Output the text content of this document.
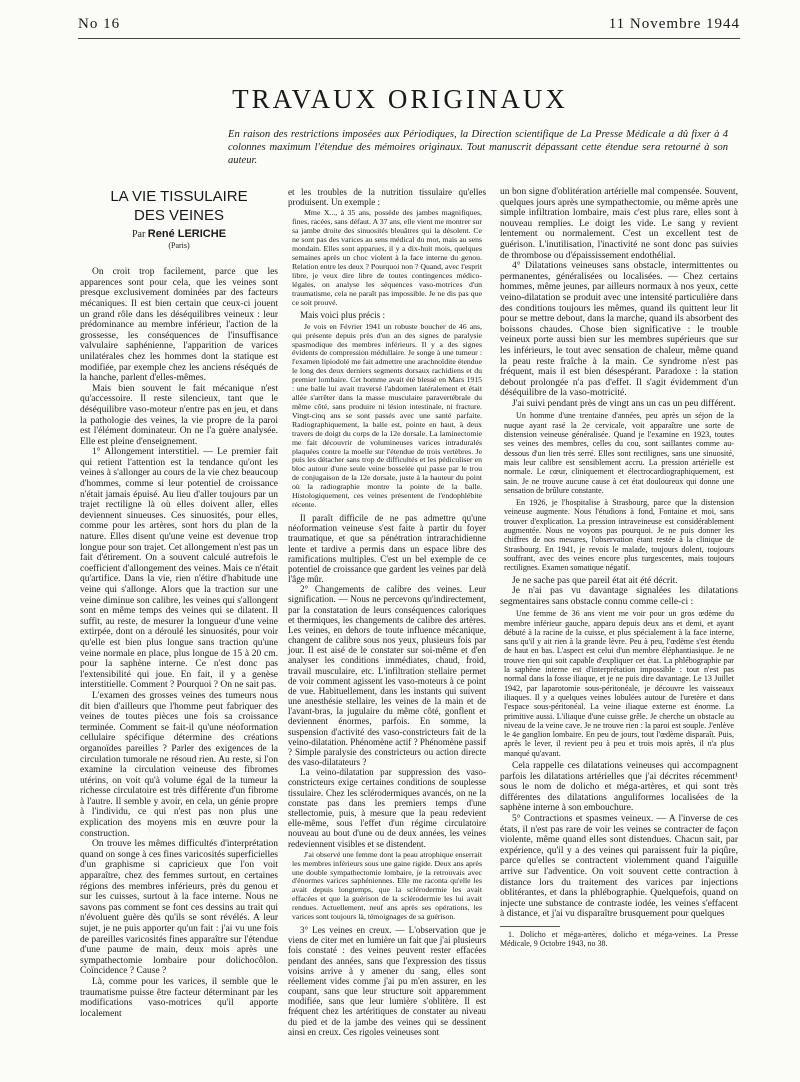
No 16	11 Novembre 1944
TRAVAUX ORIGINAUX
En raison des restrictions imposées aux Périodiques, la Direction scientifique de La Presse Médicale a dû fixer à 4 colonnes maximum l'étendue des mémoires originaux. Tout manuscrit dépassant cette étendue sera retourné à son auteur.
LA VIE TISSULAIRE
DES VEINES
Par René LERICHE
(Paris)

On croit trop facilement, parce que les apparences sont pour cela, que les veines sont presque exclusivement dominées par des facteurs mécaniques. Il est bien certain que ceux-ci jouent un grand rôle dans les déséquilibres veineux : leur prédominance au membre inférieur, l'action de la grossesse, les conséquences de l'insuffisance valvulaire saphénienne, l'apparition de varices unilatérales chez les hommes dont la statique est modifiée, par exemple chez les anciens réséqués de la hanche, parlent d'elles-mêmes.

Mais bien souvent le fait mécanique n'est qu'accessoire. Il reste silencieux, tant que le déséquilibre vaso-moteur n'entre pas en jeu, et dans la pathologie des veines, la vie propre de la paroi est l'élément dominateur. On ne l'a guère analysée. Elle est pleine d'enseignement.

1° Allongement interstitiel. — Le premier fait qui retient l'attention est la tendance qu'ont les veines à s'allonger au cours de la vie chez beaucoup d'hommes, comme si leur potentiel de croissance n'était jamais épuisé. Au lieu d'aller toujours par un trajet rectiligne là où elles doivent aller, elles deviennent sinueuses. Ces sinuosités, pour elles, comme pour les artères, sont hors du plan de la nature. Elles disent qu'une veine est devenue trop longue pour son trajet. Cet allongement n'est pas un fait d'étirement. On a souvent calculé autrefois le coefficient d'allongement des veines. Mais ce n'était qu'artifice. Dans la vie, rien n'étire d'habitude une veine qui s'allonge. Alors que la traction sur une veine diminue son calibre, les veines qui s'allongent sont en même temps des veines qui se dilatent. Il suffit, au reste, de mesurer la longueur d'une veine extirpée, dont on a déroulé les sinuosités, pour voir qu'elle est bien plus longue sans traction qu'une veine normale en place, plus longue de 15 à 20 cm. pour la saphène interne. Ce n'est donc pas l'extensibilité qui joue. En fait, il y a genèse interstitielle. Comment ? Pourquoi ? On ne sait pas.

L'examen des grosses veines des tumeurs nous dit bien d'ailleurs que l'homme peut fabriquer des veines de toutes pièces une fois sa croissance terminée. Comment se fait-il qu'une néoformation cellulaire spécifique détermine des créations organoïdes pareilles ? Parler des exigences de la circulation tumorale ne résoud rien. Au reste, si l'on examine la circulation veineuse des fibromes utérins, on voit qu'à volume égal de la tumeur la richesse circulatoire est très différente d'un fibrome à l'autre. Il semble y avoir, en cela, un génie propre à l'individu, ce qui n'est pas non plus une explication des moyens mis en œuvre pour la construction.

On trouve les mêmes difficultés d'interprétation quand on songe à ces fines varicosités superficielles d'un graphisme si capricieux que l'on voit apparaître, chez des femmes surtout, en certaines régions des membres inférieurs, près du genou et sur les cuisses, surtout à la face interne. Nous ne savons pas comment se font ces dessins au trait qui n'évoluent guère dès qu'ils se sont révélés. A leur sujet, je ne puis apporter qu'un fait : j'ai vu une fois de pareilles varicosités fines apparaître sur l'étendue d'une paume de main, deux mois après une sympathectomie lombaire pour dolichocôlon. Coïncidence ? Cause ?

Là, comme pour les varices, il semble que le traumatisme puisse être facteur déterminant par les modifications vaso-motrices qu'il apporte localement

et les troubles de la nutrition tissulaire qu'elles produisent. Un exemple :

Mme X..., à 35 ans, possède des jambes magnifiques, fines, racées, sans défaut. A 37 ans, elle vient me montrer sur sa jambe droite des sinuosités bleuâtres qui la désolent. Ce ne sont pas des varices au sens médical du mot, mais au sens mondain. Elles sont apparues, il y a dix-huit mois, quelques semaines après un choc violent à la face interne du genou. Relation entre les deux ? Pourquoi non ? Quand, avec l'esprit libre, je veux dire libre de toutes contingences médico-légales, on analyse les séquences vaso-motrices d'un traumatisme, cela ne paraît pas impossible. Je ne dis pas que ce soit prouvé.

Mais voici plus précis :

Je vois en Février 1941 un robuste boucher de 46 ans, qui présente depuis près d'un an des signes de paralysie spasmodique des membres inférieurs. Il y a des signes évidents de compression médullaire. Je songe à une tumeur : l'examen lipiodolé me fait admettre une arachnoïdite étendue le long des deux derniers segments dorsaux rachidiens et du premier lombaire. Cet homme avait été blessé en Mars 1915 : une balle lui avait traversé l'abdomen latéralement et était allée s'arrêter dans la masse musculaire paravertébrale du même côté, sans produire ni lésion intestinale, ni fracture. Vingt-cinq ans se sont passés avec une santé parfaite. Radiographiquement, la balle est, pointe en haut, à deux travers de doigt du corps de la 12e dorsale. La laminectomie me fait découvrir de volumineuses varices intraduralés plaquées contre la moelle sur l'étendue de trois vertèbres. Je puis les détacher sans trop de difficultés et les pédiculiser en bloc autour d'une seule veine bosselée qui passe par le trou de conjugaison de la 12e dorsale, juste à la hauteur du point où la radiographie montre la pointe de la balle. Histologiquement, ces veines présentent de l'endophlébite récente.

Il paraît difficile de ne pas admettre qu'une néoformation veineuse s'est faite à partir du foyer traumatique, et que sa pénétration intrarachidienne lente et tardive a permis dans un espace libre des ramifications multiples. C'est un bel exemple de ce potentiel de croissance que gardent les veines par delà l'âge mûr.

2° Changements de calibre des veines. Leur signification. — Nous ne percevons qu'indirectement, par la constatation de leurs conséquences caloriques et thermiques, les changements de calibre des artères. Les veines, en dehors de toute influence mécanique, changent de calibre sous nos yeux, plusieurs fois par jour. Il est aisé de le constater sur soi-même et d'en analyser les conditions immédiates, chaud, froid, travail musculaire, etc. L'infiltration stellaire permet de voir comment agissent les vaso-moteurs à ce point de vue. Habituellement, dans les instants qui suivent une anesthésie stellaire, les veines de la main et de l'avant-bras, la jugulaire du même côté, gonflent et deviennent énormes, parfois. En somme, la suspension d'activité des vaso-constricteurs fait de la veino-dilatation. Phénomène actif ? Phénomène passif ? Simple paralysie des constricteurs ou action directe des vaso-dilatateurs ?

La veino-dilatation par suppression des vaso-constricteurs exige certaines conditions de souplesse tissulaire. Chez les sclérodermiques avancés, on ne la constate pas dans les premiers temps d'une stellectomie, puis, à mesure que la peau redevient elle-même, sous l'effet d'un régime circulatoire nouveau au bout d'une ou de deux années, les veines redeviennent visibles et se distendent.

J'ai observé une femme dont la peau atrophique enserrait les membres inférieurs sous une gaine rigide. Deux ans après une double sympathectomie lombaire, je la retrouvais avec d'énormes varices saphéniennes. Elle me raconta qu'elle les avait depuis longtemps, que la sclérodermie les avait effacées et que la guérison de la sclérodermie les lui avait rendues. Actuellement, neuf ans après ses opérations, les varices sont toujours là, témoignages de sa guérison.

3° Les veines en creux. — L'observation que je viens de citer met en lumière un fait que j'ai plusieurs fois constaté : des veines peuvent rester effacées pendant des années, sans que l'expression des tissus voisins arrive à y amener du sang, elles sont réellement vides comme j'ai pu m'en assurer, en les coupant, sans que leur structure soit apparemment modifiée, sans que leur lumière s'oblitère. Il est fréquent chez les artéritiques de constater au niveau du pied et de la jambe des veines qui se dessinent ainsi en creux. Ces rigoles veineuses sont

un bon signe d'oblitération artérielle mal compensée. Souvent, quelques jours après une sympathectomie, ou même après une simple infiltration lombaire, mais c'est plus rare, elles sont à nouveau remplies. Le doigt les vide. Le sang y revient lentement ou normalement. C'est un excellent test de guérison. L'inutilisation, l'inactivité ne sont donc pas suivies de thrombose ou d'épaississement endothélial.

4° Dilatations veineuses sans obstacle, intermittentes ou permanentes, généralisées ou localisées. — Chez certains hommes, même jeunes, par ailleurs normaux à nos yeux, cette veino-dilatation se produit avec une intensité particulière dans des conditions toujours les mêmes, quand ils quittent leur lit pour se mettre debout, dans la marche, quand ils absorbent des boissons chaudes. Chose bien significative : le trouble veineux porte aussi bien sur les membres supérieurs que sur les inférieurs, le tout avec sensation de chaleur, même quand la peau reste fraîche à la main. Ce syndrome n'est pas fréquent, mais il est bien désespérant. Paradoxe : la station debout prolongée n'a pas d'effet. Il s'agit évidemment d'un déséquilibre de la vaso-motricité.

J'ai suivi pendant près de vingt ans un cas un peu différent.

Un homme d'une trentaine d'années, peu après un séjon de la nuque ayant rasé la 2e cervicale, voit apparaître une sorte de distension veineuse généralisée. Quand je l'examine en 1923, toutes ses veines des membres, celles du cou, sont saillantes comme au-dessous d'un lien très serré. Elles sont rectilignes, sans une sinuosité, mais leur calibre est sensiblement accru. La pression artérielle est normale. Le cœur, cliniquement et électrocardiographiquement, est sain. Je ne trouve aucune cause à cet état douloureux qui donne une sensation de brûlure constante.

En 1926, je l'hospitalise à Strasbourg, parce que la distension veineuse augmente. Nous l'étudions à fond, Fontaine et moi, sans trouver d'explication. La pression intraveineuse est considérablement augmentée. Nous ne voyons pas pourquoi. Je ne puis donner les chiffres de nos mesures, l'observation étant restée à la clinique de Strasbourg. En 1941, je revois le malade, toujours dolent, toujours souffrant, avec des veines encore plus turgescentes, mais toujours rectilignes. Examen somatique négatif.

Je ne sache pas que pareil état ait été décrit.

Je n'ai pas vu davantage signalées les dilatations segmentaires sans obstacle connu comme celle-ci :

Une femme de 36 ans vient me voir pour un gros œdème du membre inférieur gauche, apparu depuis deux ans et demi, et ayant débuté à la racine de la cuisse, et plus spécialement à la face interne, sans qu'il y ait rien à la grande lèvre. Peu à peu, l'œdème s'est étendu de haut en bas. L'aspect est celui d'un membre éléphantiasique. Je ne trouve rien qui soit capable d'expliquer cet état. La phlébographie par la saphène interne est d'interprétation impossible : tout n'est pas normal dans la fosse iliaque, et je ne puis dire davantage. Le 13 Juillet 1942, par laparotomie sous-péritonéale, je découvre les vaisseaux iliaques. Il y a quelques veines lobulées autour de l'uretère et dans l'espace sous-péritonéal. La veine iliaque externe est énorme. La primitive aussi. L'iliaque d'une cuisse grêle. Je cherche un obstacle au niveau de la veine cave. Je ne trouve rien : la paroi est souple. J'enlève le 4e ganglion lombaire. En peu de jours, tout l'œdème disparaît. Puis, après le lever, il revient peu à peu et trois mois après, il n'a plus manqué qu'avant.

Cela rappelle ces dilatations veineuses qui accompagnent parfois les dilatations artérielles que j'ai décrites récemment¹ sous le nom de dolicho et méga-artères, et qui sont très différentes des dilatations anguliformes localisées de la saphène interne à son embouchure.

5° Contractions et spasmes veineux. — A l'inverse de ces états, il n'est pas rare de voir les veines se contracter de façon violente, même quand elles sont distendues. Chacun sait, par expérience, qu'il y a des veines qui paraissent fuir la piqûre, parce qu'elles se contractent violemment quand l'aiguille arrive sur l'adventice. On voit souvent cette contraction à distance lors du traitement des varices par injections oblitérantes, et dans la phlébographie. Quelquefois, quand on injecte une substance de contraste iodée, les veines s'effacent à distance, et j'ai vu disparaître brusquement pour quelques

1. Dolicho et méga-artères, dolicho et méga-veines. La Presse Médicale, 9 Octobre 1943, no 38.
